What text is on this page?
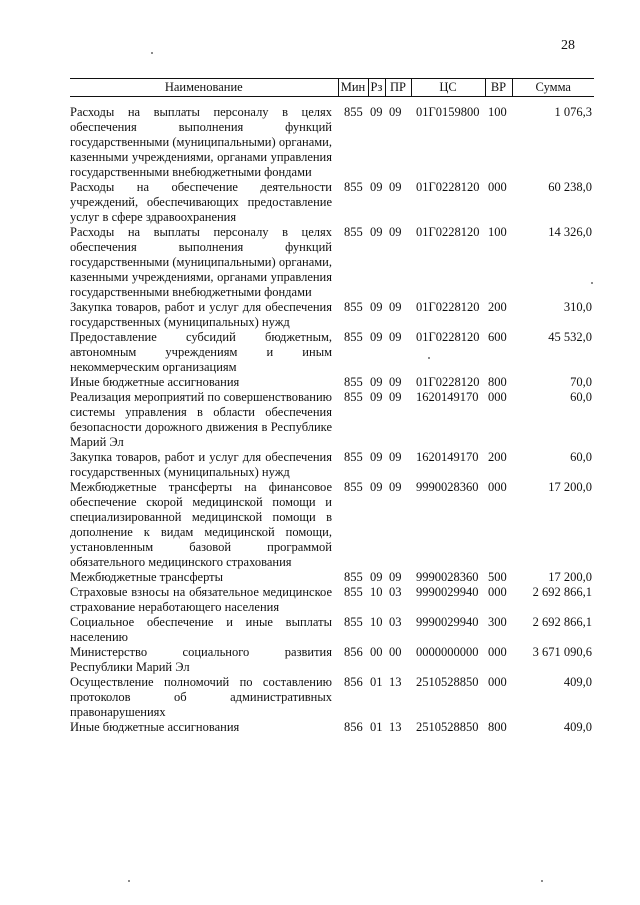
28
Наименование	Мин	Рз	ПР	ЦС	ВР	Сумма
Расходы на выплаты персоналу в целях обеспечения выполнения функций государственными (муниципальными) органами, казенными учреждениями, органами управления государственными внебюджетными фондами	855	09	09	01Г0159800	100	1 076,3
Расходы на обеспечение деятельности учреждений, обеспечивающих предоставление услуг в сфере здравоохранения	855	09	09	01Г0228120	000	60 238,0
Расходы на выплаты персоналу в целях обеспечения выполнения функций государственными (муниципальными) органами, казенными учреждениями, органами управления государственными внебюджетными фондами	855	09	09	01Г0228120	100	14 326,0
Закупка товаров, работ и услуг для обеспечения государственных (муниципальных) нужд	855	09	09	01Г0228120	200	310,0
Предоставление субсидий бюджетным, автономным учреждениям и иным некоммерческим организациям	855	09	09	01Г0228120	600	45 532,0
Иные бюджетные ассигнования	855	09	09	01Г0228120	800	70,0
Реализация мероприятий по совершенствованию системы управления в области обеспечения безопасности дорожного движения в Республике Марий Эл	855	09	09	1620149170	000	60,0
Закупка товаров, работ и услуг для обеспечения государственных (муниципальных) нужд	855	09	09	1620149170	200	60,0
Межбюджетные трансферты на финансовое обеспечение скорой медицинской помощи и специализированной медицинской помощи в дополнение к видам медицинской помощи, установленным базовой программой обязательного медицинского страхования	855	09	09	9990028360	000	17 200,0
Межбюджетные трансферты	855	09	09	9990028360	500	17 200,0
Страховые взносы на обязательное медицинское страхование неработающего населения	855	10	03	9990029940	000	2 692 866,1
Социальное обеспечение и иные выплаты населению	855	10	03	9990029940	300	2 692 866,1
Министерство социального развития Республики Марий Эл	856	00	00	0000000000	000	3 671 090,6
Осуществление полномочий по составлению протоколов об административных правонарушениях	856	01	13	2510528850	000	409,0
Иные бюджетные ассигнования	856	01	13	2510528850	800	409,0
